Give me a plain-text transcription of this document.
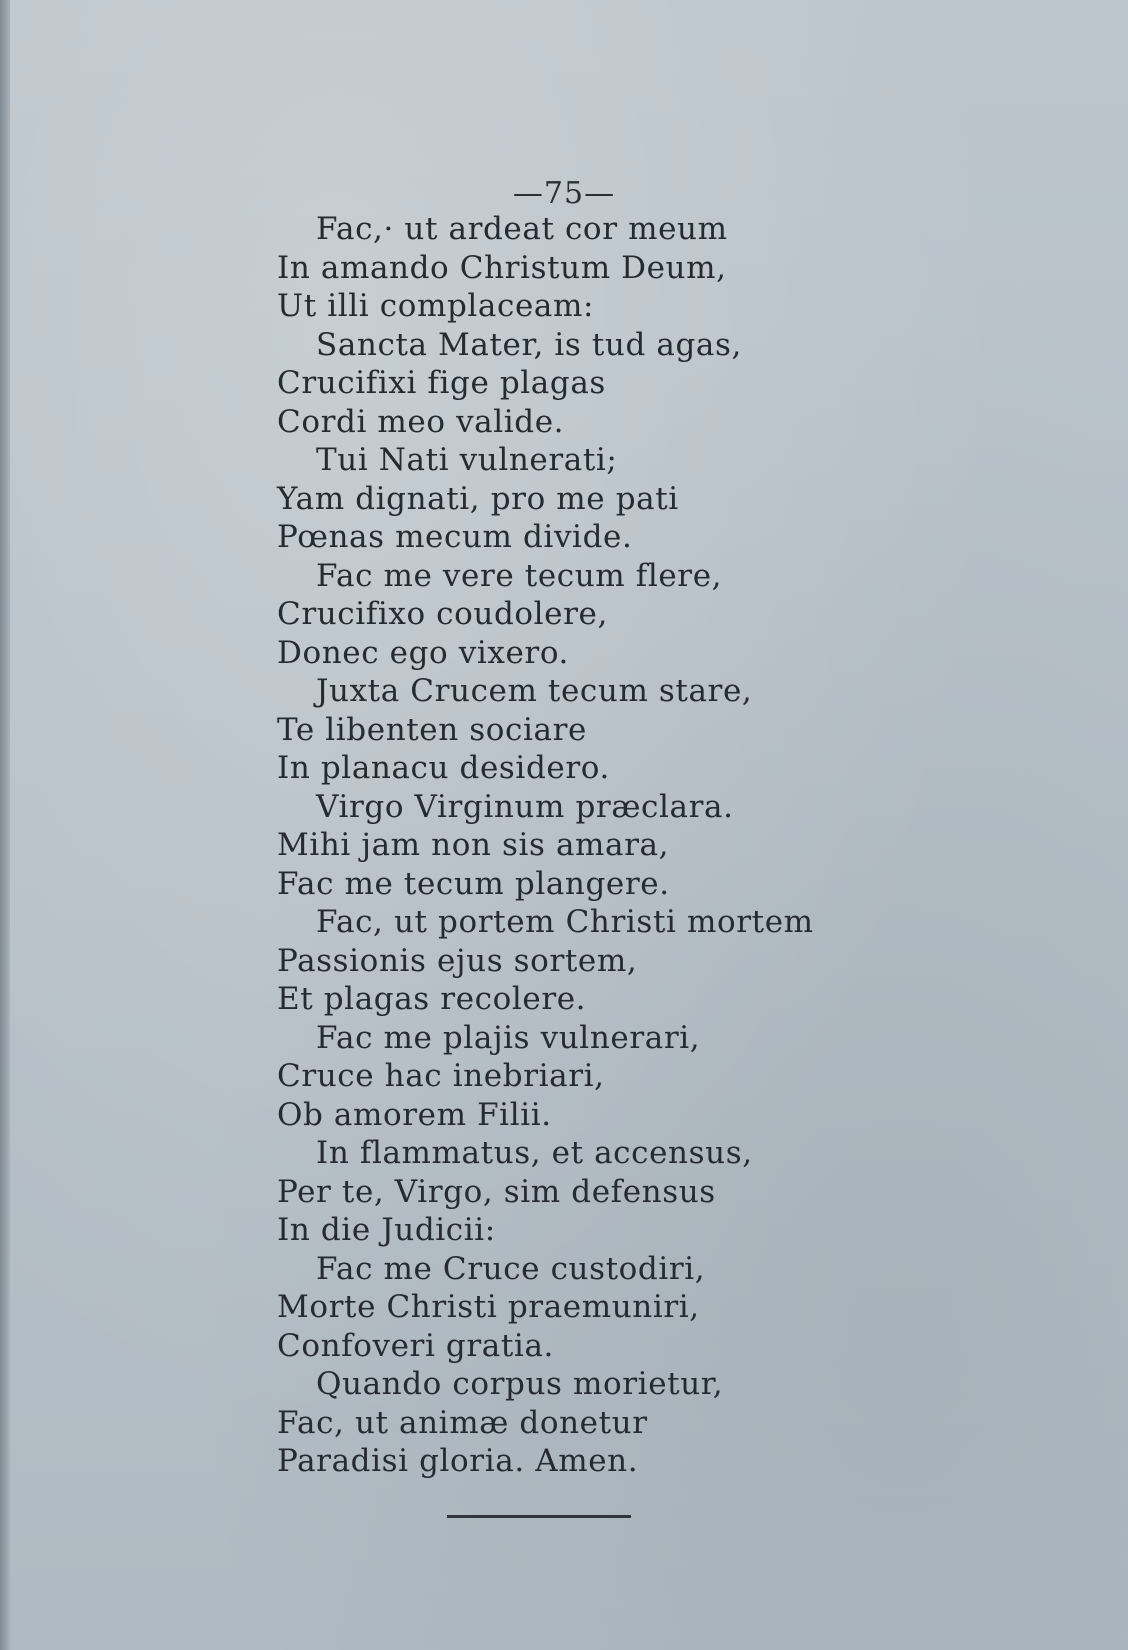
—75—
Fac,· ut ardeat cor meum
In amando Christum Deum,
Ut illi complaceam:
Sancta Mater, is tud agas,
Crucifixi fige plagas
Cordi meo valide.
Tui Nati vulnerati;
Yam dignati, pro me pati
Pœnas mecum divide.
Fac me vere tecum flere,
Crucifixo coudolere,
Donec ego vixero.
Juxta Crucem tecum stare,
Te libenten sociare
In planacu desidero.
Virgo Virginum præclara.
Mihi jam non sis amara,
Fac me tecum plangere.
Fac, ut portem Christi mortem
Passionis ejus sortem,
Et plagas recolere.
Fac me plajis vulnerari,
Cruce hac inebriari,
Ob amorem Filii.
In flammatus, et accensus,
Per te, Virgo, sim defensus
In die Judicii:
Fac me Cruce custodiri,
Morte Christi praemuniri,
Confoveri gratia.
Quando corpus morietur,
Fac, ut animæ donetur
Paradisi gloria. Amen.
